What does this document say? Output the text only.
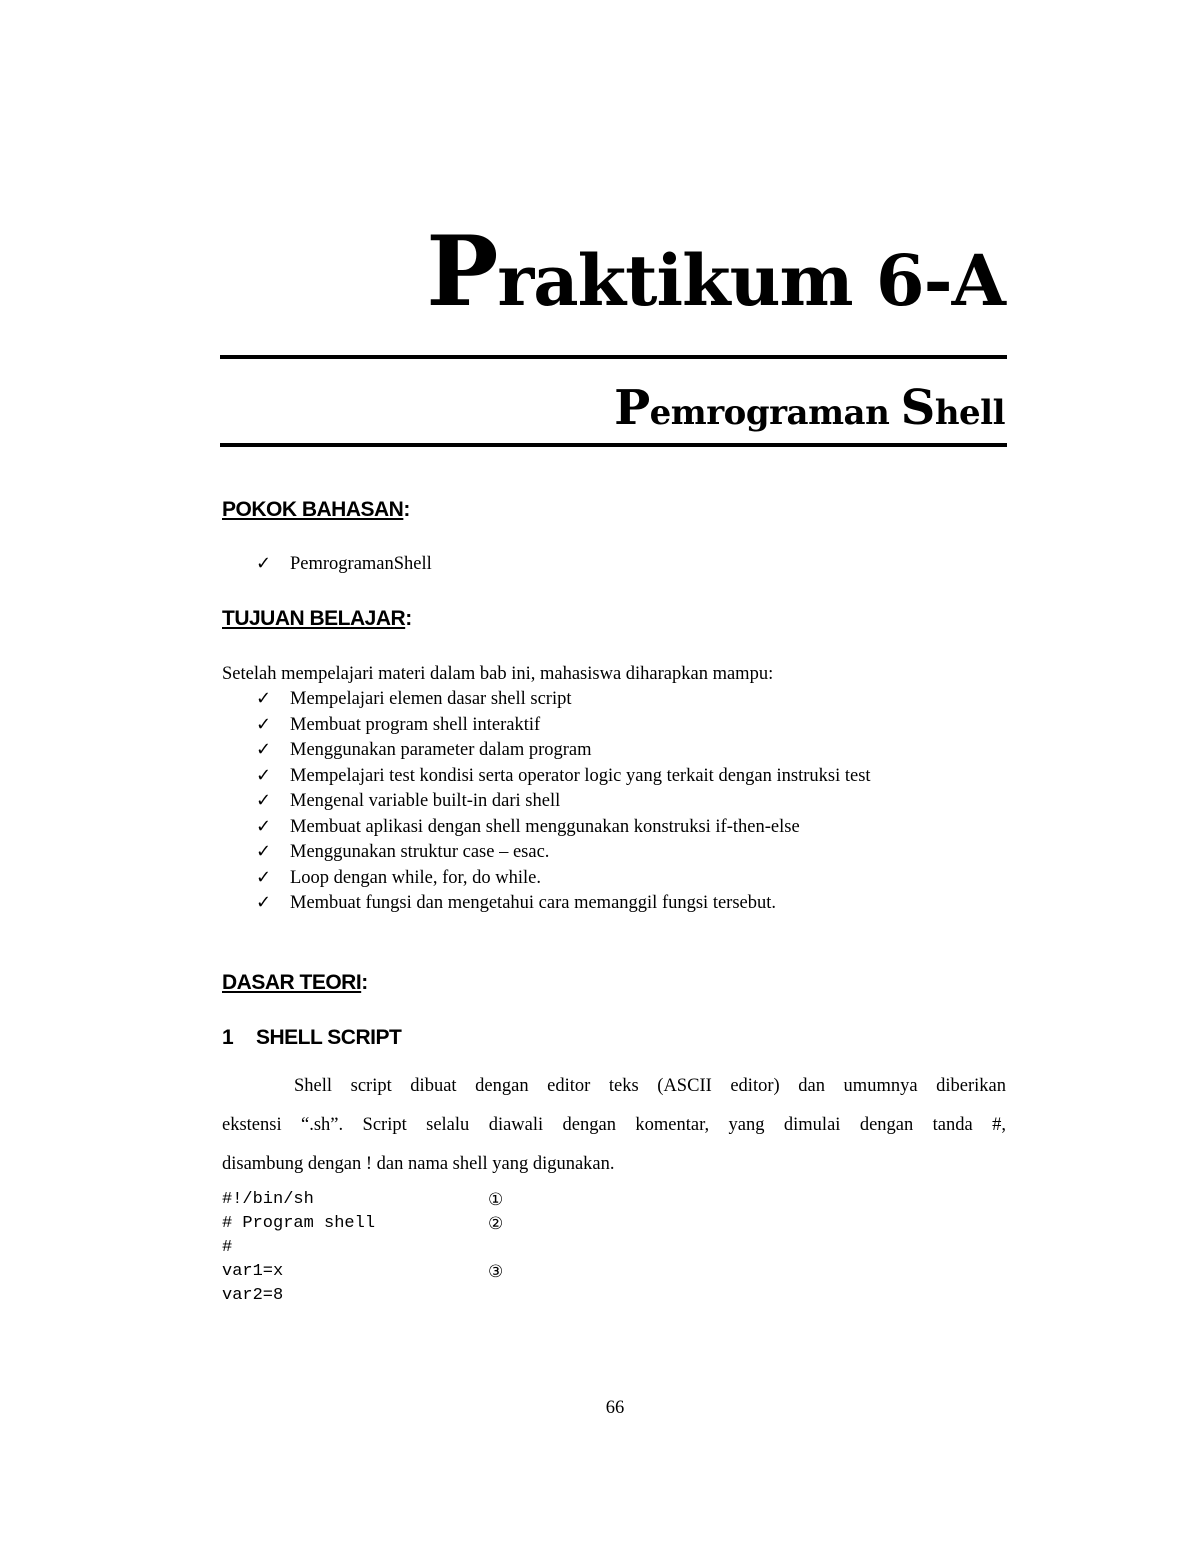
Praktikum 6-A
Pemrograman Shell
POKOK BAHASAN:
✓ PemrogramanShell
TUJUAN BELAJAR:

Setelah mempelajari materi dalam bab ini, mahasiswa diharapkan mampu:

✓ Mempelajari elemen dasar shell script
✓ Membuat program shell interaktif
✓ Menggunakan parameter dalam program
✓ Mempelajari test kondisi serta operator logic yang terkait dengan instruksi test
✓ Mengenal variable built-in dari shell
✓ Membuat aplikasi dengan shell menggunakan konstruksi if-then-else
✓ Menggunakan struktur case – esac.
✓ Loop dengan while, for, do while.
✓ Membuat fungsi dan mengetahui cara memanggil fungsi tersebut.
DASAR TEORI:
1 SHELL SCRIPT
Shell script dibuat dengan editor teks (ASCII editor) dan umumnya diberikan
ekstensi “.sh”. Script selalu diawali dengan komentar, yang dimulai dengan tanda #,
disambung dengan ! dan nama shell yang digunakan.
#!/bin/sh	①
# Program shell	②
#
var1=x	③
var2=8

66
